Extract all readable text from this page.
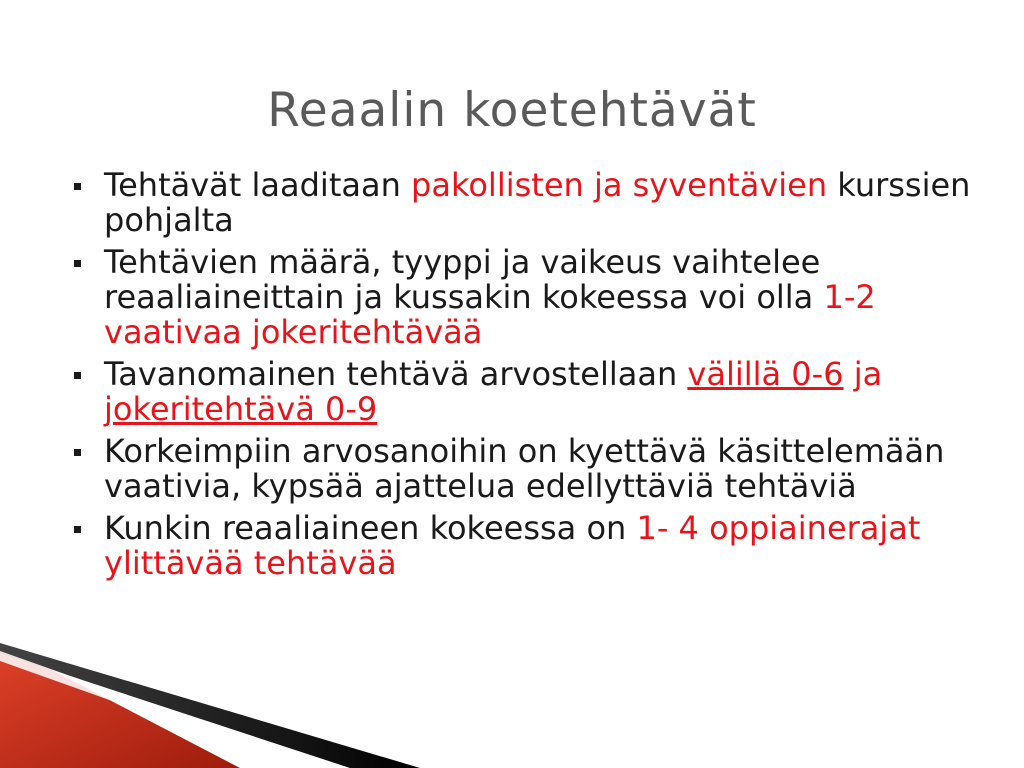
Reaalin koetehtävät
Tehtävät laaditaan pakollisten ja syventävien kurssien pohjalta
Tehtävien määrä, tyyppi ja vaikeus vaihtelee reaaliaineittain ja kussakin kokeessa voi olla 1-2 vaativaa jokeritehtävää
Tavanomainen tehtävä arvostellaan välillä 0-6 ja jokeritehtävä 0-9
Korkeimpiin arvosanoihin on kyettävä käsittelemään vaativia, kypsää ajattelua edellyttäviä tehtäviä
Kunkin reaaliaineen kokeessa on 1- 4 oppiainerajat ylittävää tehtävää
